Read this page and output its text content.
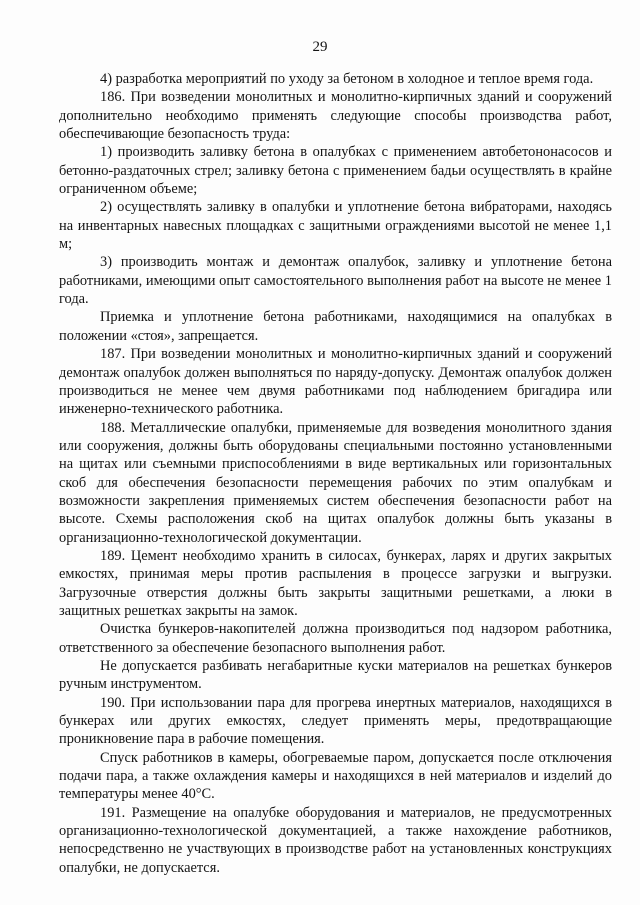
29

4) разработка мероприятий по уходу за бетоном в холодное и теплое время года.

186. При возведении монолитных и монолитно-кирпичных зданий и сооружений дополнительно необходимо применять следующие способы производства работ, обеспечивающие безопасность труда:

1) производить заливку бетона в опалубках с применением автобетононасосов и бетонно-раздаточных стрел; заливку бетона с применением бадьи осуществлять в крайне ограниченном объеме;

2) осуществлять заливку в опалубки и уплотнение бетона вибраторами, находясь на инвентарных навесных площадках с защитными ограждениями высотой не менее 1,1 м;

3) производить монтаж и демонтаж опалубок, заливку и уплотнение бетона работниками, имеющими опыт самостоятельного выполнения работ на высоте не менее 1 года.

Приемка и уплотнение бетона работниками, находящимися на опалубках в положении «стоя», запрещается.

187. При возведении монолитных и монолитно-кирпичных зданий и сооружений демонтаж опалубок должен выполняться по наряду-допуску. Демонтаж опалубок должен производиться не менее чем двумя работниками под наблюдением бригадира или инженерно-технического работника.

188. Металлические опалубки, применяемые для возведения монолитного здания или сооружения, должны быть оборудованы специальными постоянно установленными на щитах или съемными приспособлениями в виде вертикальных или горизонтальных скоб для обеспечения безопасности перемещения рабочих по этим опалубкам и возможности закрепления применяемых систем обеспечения безопасности работ на высоте. Схемы расположения скоб на щитах опалубок должны быть указаны в организационно-технологической документации.

189. Цемент необходимо хранить в силосах, бункерах, ларях и других закрытых емкостях, принимая меры против распыления в процессе загрузки и выгрузки. Загрузочные отверстия должны быть закрыты защитными решетками, а люки в защитных решетках закрыты на замок.

Очистка бункеров-накопителей должна производиться под надзором работника, ответственного за обеспечение безопасного выполнения работ.

Не допускается разбивать негабаритные куски материалов на решетках бункеров ручным инструментом.

190. При использовании пара для прогрева инертных материалов, находящихся в бункерах или других емкостях, следует применять меры, предотвращающие проникновение пара в рабочие помещения.

Спуск работников в камеры, обогреваемые паром, допускается после отключения подачи пара, а также охлаждения камеры и находящихся в ней материалов и изделий до температуры менее 40°С.

191. Размещение на опалубке оборудования и материалов, не предусмотренных организационно-технологической документацией, а также нахождение работников, непосредственно не участвующих в производстве работ на установленных конструкциях опалубки, не допускается.
